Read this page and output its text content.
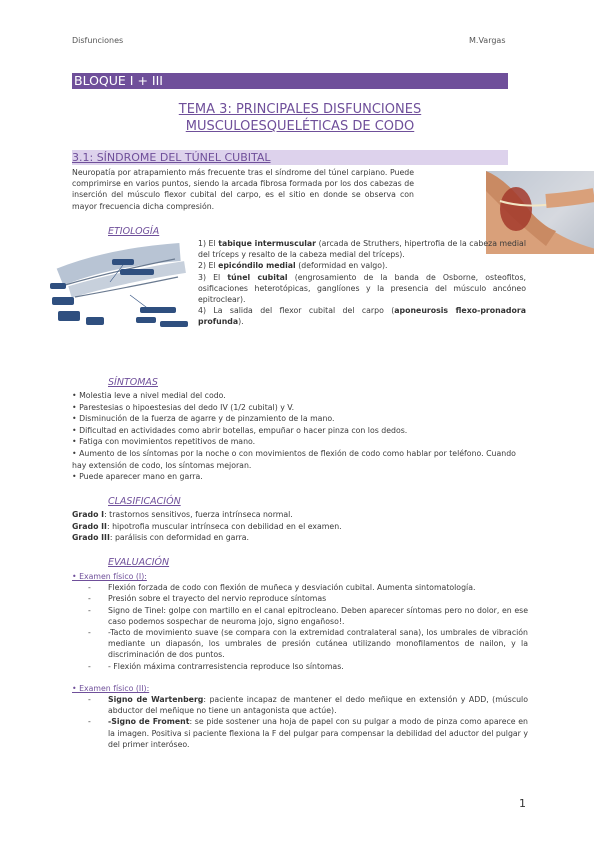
Disfunciones	M.Vargas
BLOQUE I + III
TEMA 3: PRINCIPALES DISFUNCIONES
MUSCULOESQUELÉTICAS DE CODO
3.1: SÍNDROME DEL TÚNEL CUBITAL
Neuropatía por atrapamiento más frecuente tras el síndrome del túnel carpiano. Puede comprimirse en varios puntos, siendo la arcada fibrosa formada por los dos cabezas de inserción del músculo flexor cubital del carpo, es el sitio en donde se observa con mayor frecuencia dicha compresión.
ETIOLOGÍA

1) El tabique intermuscular (arcada de Struthers, hipertrofia de la cabeza medial del tríceps y resalto de la cabeza medial del tríceps).

2) El epicóndilo medial (deformidad en valgo).

3) El túnel cubital (engrosamiento de la banda de Osborne, osteofitos, osificaciones heterotópicas, ganglíones y la presencia del músculo ancóneo epitroclear).

4) La salida del flexor cubital del carpo (aponeurosis flexo-pronadora profunda).

SÍNTOMAS

• Molestia leve a nivel medial del codo.

• Parestesias o hipoestesias del dedo IV (1/2 cubital) y V.

• Disminución de la fuerza de agarre y de pinzamiento de la mano.

• Dificultad en actividades como abrir botellas, empuñar o hacer pinza con los dedos.

• Fatiga con movimientos repetitivos de mano.

• Aumento de los síntomas por la noche o con movimientos de flexión de codo como hablar por teléfono. Cuando hay extensión de codo, los síntomas mejoran.

• Puede aparecer mano en garra.

CLASIFICACIÓN

Grado I: trastornos sensitivos, fuerza intrínseca normal.

Grado II: hipotrofia muscular intrínseca con debilidad en el examen.

Grado III: parálisis con deformidad en garra.

EVALUACIÓN
• Examen físico (I):
- Flexión forzada de codo con flexión de muñeca y desviación cubital. Aumenta sintomatología.
- Presión sobre el trayecto del nervio reproduce síntomas
- Signo de Tinel: golpe con martillo en el canal epitrocleano. Deben aparecer síntomas pero no dolor, en ese caso podemos sospechar de neuroma jojo, signo engañoso!.
- -Tacto de movimiento suave (se compara con la extremidad contralateral sana), los umbrales de vibración mediante un diapasón, los umbrales de presión cutánea utilizando monofilamentos de nailon, y la discriminación de dos puntos.
- - Flexión máxima contrarresistencia reproduce lso síntomas.
• Examen físico (II):
- Signo de Wartenberg: paciente incapaz de mantener el dedo meñique en extensión y ADD, (músculo abductor del meñique no tiene un antagonista que actúe).
- -Signo de Froment: se pide sostener una hoja de papel con su pulgar a modo de pinza como aparece en la imagen. Positiva si paciente flexiona la F del pulgar para compensar la debilidad del aductor del pulgar y del primer interóseo.
1
